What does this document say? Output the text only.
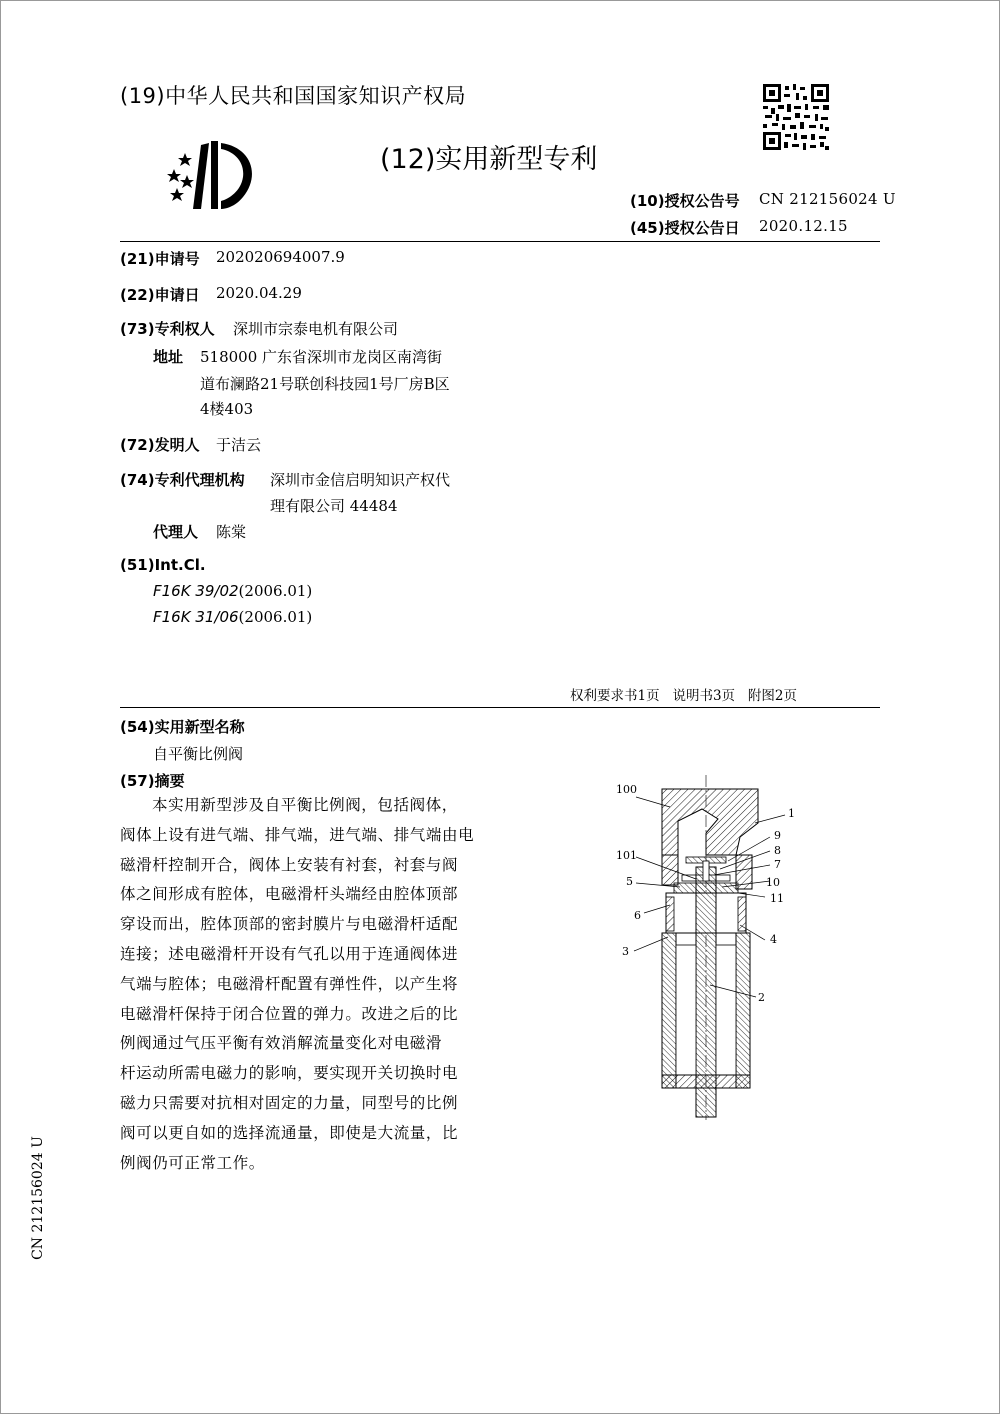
(19)中华人民共和国国家知识产权局
(12)实用新型专利
(10)授权公告号 CN 212156024 U
(45)授权公告日 2020.12.15
(21)申请号 202020694007.9
(22)申请日 2020.04.29
(73)专利权人 深圳市宗泰电机有限公司
地址 518000 广东省深圳市龙岗区南湾街
道布澜路21号联创科技园1号厂房B区
4楼403
(72)发明人 于洁云
(74)专利代理机构 深圳市金信启明知识产权代
理有限公司 44484
代理人 陈棠
(51)Int.Cl.
F16K 39/02(2006.01)
F16K 31/06(2006.01)
权利要求书1页   说明书3页   附图2页
(54)实用新型名称
自平衡比例阀
(57)摘要

本实用新型涉及自平衡比例阀，包括阀体，

阀体上设有进气端、排气端，进气端、排气端由电

磁滑杆控制开合，阀体上安装有衬套，衬套与阀

体之间形成有腔体，电磁滑杆头端经由腔体顶部

穿设而出，腔体顶部的密封膜片与电磁滑杆适配

连接；述电磁滑杆开设有气孔以用于连通阀体进

气端与腔体；电磁滑杆配置有弹性件，以产生将

电磁滑杆保持于闭合位置的弹力。改进之后的比

例阀通过气压平衡有效消解流量变化对电磁滑

杆运动所需电磁力的影响，要实现开关切换时电

磁力只需要对抗相对固定的力量，同型号的比例

阀可以更自如的选择流通量，即使是大流量，比

例阀仍可正常工作。

CN 212156024 U
100
101
5
6
3
1
9
8
7
10
11
4
2
